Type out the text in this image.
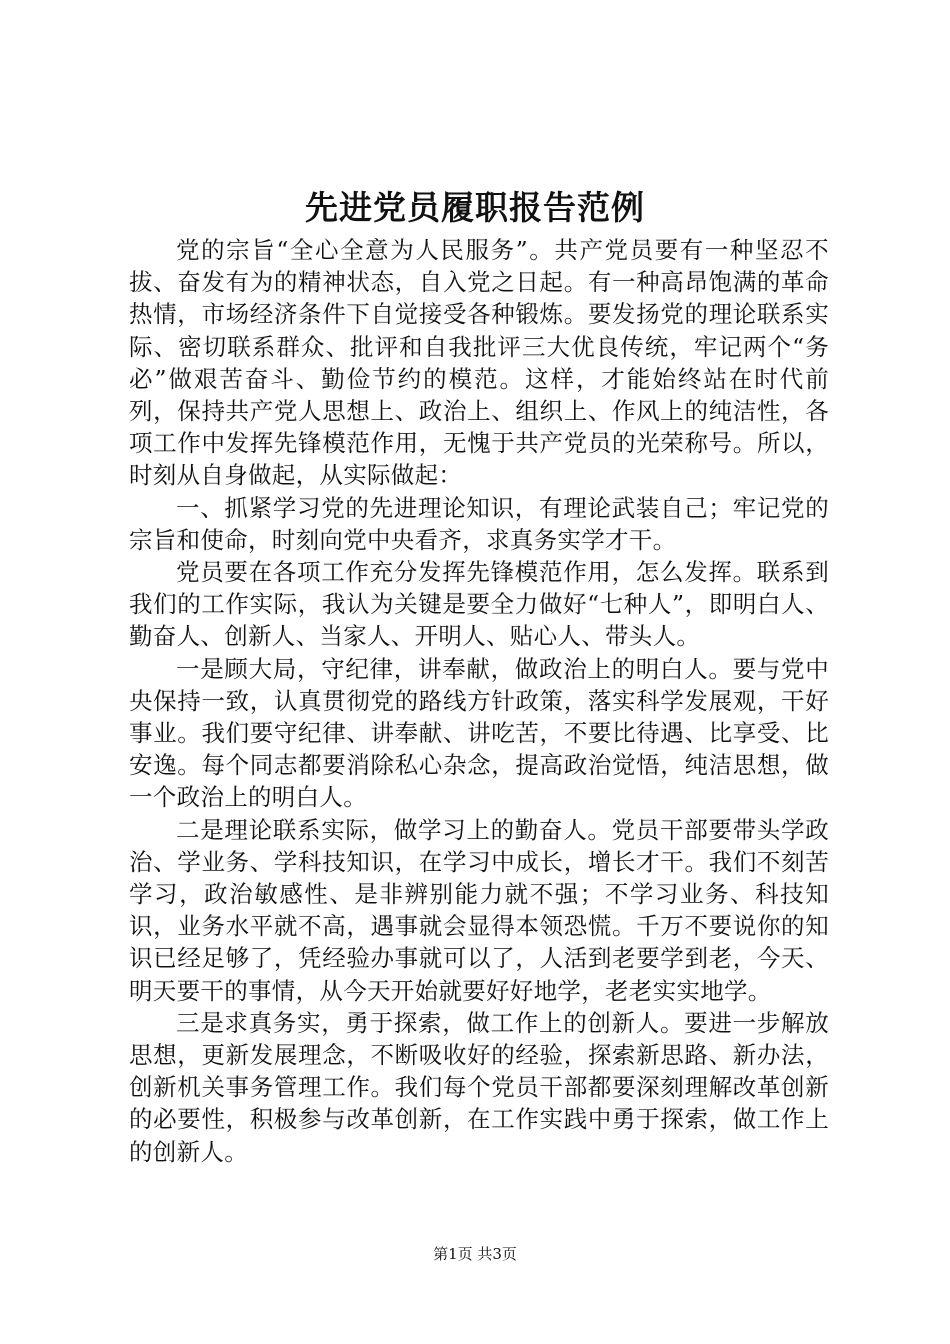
先进党员履职报告范例

党的宗旨“全心全意为人民服务”。共产党员要有一种坚忍不拔、奋发有为的精神状态，自入党之日起。有一种高昂饱满的革命热情，市场经济条件下自觉接受各种锻炼。要发扬党的理论联系实际、密切联系群众、批评和自我批评三大优良传统，牢记两个“务必”做艰苦奋斗、勤俭节约的模范。这样，才能始终站在时代前列，保持共产党人思想上、政治上、组织上、作风上的纯洁性，各项工作中发挥先锋模范作用，无愧于共产党员的光荣称号。所以，时刻从自身做起，从实际做起：

一、抓紧学习党的先进理论知识，有理论武装自己；牢记党的宗旨和使命，时刻向党中央看齐，求真务实学才干。

党员要在各项工作充分发挥先锋模范作用，怎么发挥。联系到我们的工作实际，我认为关键是要全力做好“七种人”，即明白人、勤奋人、创新人、当家人、开明人、贴心人、带头人。

一是顾大局，守纪律，讲奉献，做政治上的明白人。要与党中央保持一致，认真贯彻党的路线方针政策，落实科学发展观，干好事业。我们要守纪律、讲奉献、讲吃苦，不要比待遇、比享受、比安逸。每个同志都要消除私心杂念，提高政治觉悟，纯洁思想，做一个政治上的明白人。

二是理论联系实际，做学习上的勤奋人。党员干部要带头学政治、学业务、学科技知识，在学习中成长，增长才干。我们不刻苦学习，政治敏感性、是非辨别能力就不强；不学习业务、科技知识，业务水平就不高，遇事就会显得本领恐慌。千万不要说你的知识已经足够了，凭经验办事就可以了，人活到老要学到老，今天、明天要干的事情，从今天开始就要好好地学，老老实实地学。

三是求真务实，勇于探索，做工作上的创新人。要进一步解放思想，更新发展理念，不断吸收好的经验，探索新思路、新办法，创新机关事务管理工作。我们每个党员干部都要深刻理解改革创新的必要性，积极参与改革创新，在工作实践中勇于探索，做工作上的创新人。

第1页 共3页
